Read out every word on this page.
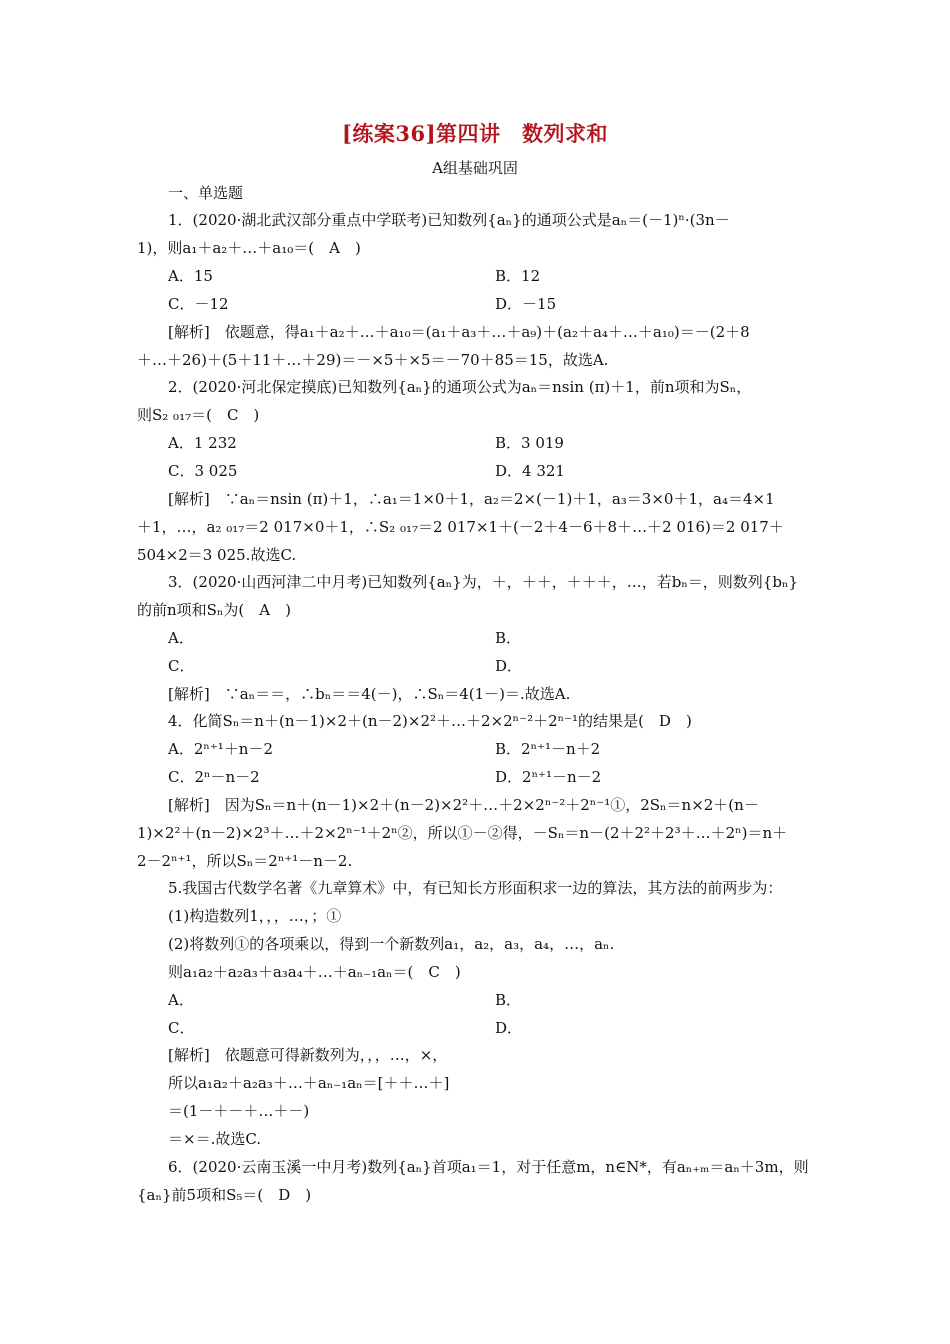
[练案36]第四讲　数列求和
A组基础巩固
一、单选题
1．(2020·湖北武汉部分重点中学联考)已知数列{aₙ}的通项公式是aₙ＝(－1)ⁿ·(3n－
1)，则a₁＋a₂＋…＋a₁₀＝(　A　)
A．15	B．12
C．－12	D．－15
[解析]　依题意，得a₁＋a₂＋…＋a₁₀＝(a₁＋a₃＋…＋a₉)＋(a₂＋a₄＋…＋a₁₀)＝－(2＋8
＋…＋26)＋(5＋11＋…＋29)＝－×5＋×5＝－70＋85＝15，故选A.
2．(2020·河北保定摸底)已知数列{aₙ}的通项公式为aₙ＝nsin (π)＋1，前n项和为Sₙ，
则S₂ ₀₁₇＝(　C　)
A．1 232	B．3 019
C．3 025	D．4 321
[解析]　∵aₙ＝nsin (π)＋1，∴a₁＝1×0＋1，a₂＝2×(－1)＋1，a₃＝3×0＋1，a₄＝4×1
＋1，…，a₂ ₀₁₇＝2 017×0＋1，∴S₂ ₀₁₇＝2 017×1＋(－2＋4－6＋8＋…＋2 016)＝2 017＋
504×2＝3 025.故选C.
3．(2020·山西河津二中月考)已知数列{aₙ}为，＋，＋＋，＋＋＋，…，若bₙ＝，则数列{bₙ}
的前n项和Sₙ为(　A　)
A．	B．
C．	D．
[解析]　∵aₙ＝＝，∴bₙ＝＝4(－)，∴Sₙ＝4(1－)＝.故选A.
4．化简Sₙ＝n＋(n－1)×2＋(n－2)×2²＋…＋2×2ⁿ⁻²＋2ⁿ⁻¹的结果是(　D　)
A．2ⁿ⁺¹＋n－2	B．2ⁿ⁺¹－n＋2
C．2ⁿ－n－2	D．2ⁿ⁺¹－n－2
[解析]　因为Sₙ＝n＋(n－1)×2＋(n－2)×2²＋…＋2×2ⁿ⁻²＋2ⁿ⁻¹①，2Sₙ＝n×2＋(n－
1)×2²＋(n－2)×2³＋…＋2×2ⁿ⁻¹＋2ⁿ②，所以①－②得，－Sₙ＝n－(2＋2²＋2³＋…＋2ⁿ)＝n＋
2－2ⁿ⁺¹，所以Sₙ＝2ⁿ⁺¹－n－2.
5.我国古代数学名著《九章算术》中，有已知长方形面积求一边的算法，其方法的前两步为：
(1)构造数列1，，，…，；①
(2)将数列①的各项乘以，得到一个新数列a₁，a₂，a₃，a₄，…，aₙ.
则a₁a₂＋a₂a₃＋a₃a₄＋…＋aₙ₋₁aₙ＝(　C　)
A．	B．
C．	D．
[解析]　依题意可得新数列为，，，…，×，
所以a₁a₂＋a₂a₃＋…＋aₙ₋₁aₙ＝[＋＋…＋]
＝(1－＋－＋…＋－)
＝×＝.故选C.
6．(2020·云南玉溪一中月考)数列{aₙ}首项a₁＝1，对于任意m，n∈N*，有aₙ₊ₘ＝aₙ＋3m，则
{aₙ}前5项和S₅＝(　D　)
